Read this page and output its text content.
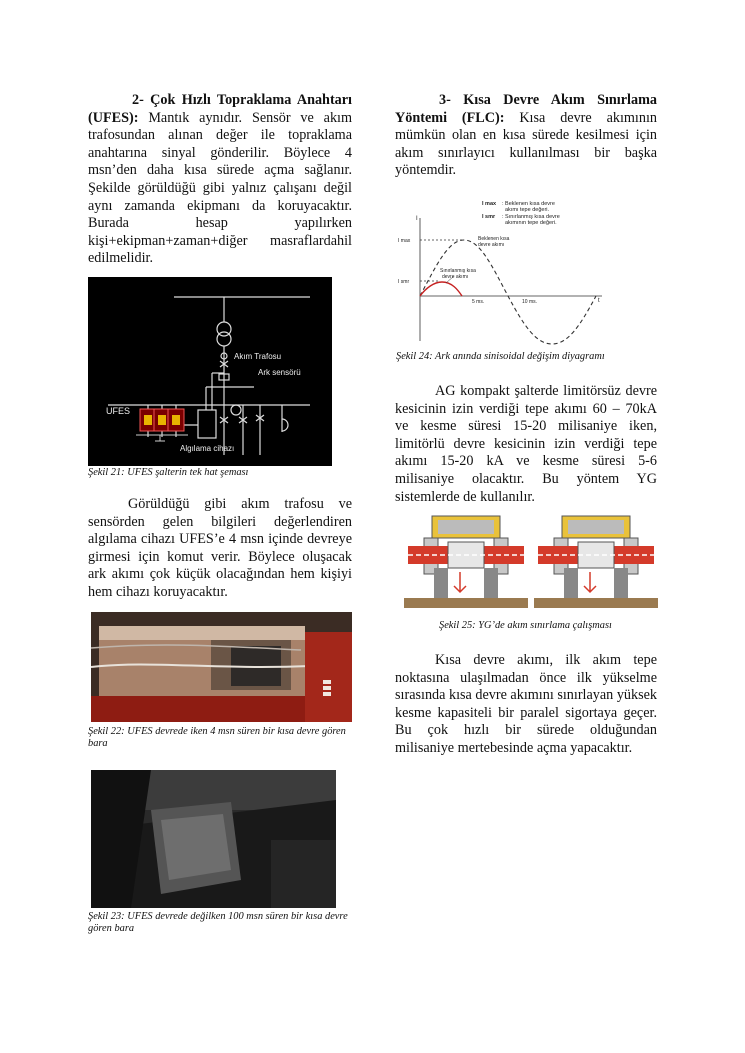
2- Çok Hızlı Topraklama Anahtarı (UFES): Mantık aynıdır. Sensör ve akım trafosundan alınan değer ile topraklama anahtarına sinyal gönderilir. Böylece 4 msn’den daha kısa sürede açma sağlanır. Şekilde görüldüğü gibi yalnız çalışanı değil aynı zamanda ekipmanı da koruyacaktır. Burada hesap yapılırken kişi+ekipman+zaman+diğer masraflardahil edilmelidir.

Akım Trafosu
Ark sensörü
UFES
Algılama cihazı
Şekil 21: UFES şalterin tek hat şeması

Görüldüğü gibi akım trafosu ve sensörden gelen bilgileri değerlendiren algılama cihazı UFES’e 4 msn içinde devreye girmesi için komut verir. Böylece oluşacak ark akımı çok küçük olacağından hem kişiyi hem cihazı koruyacaktır.

Şekil 22: UFES devrede iken 4 msn süren bir kısa devre gören bara
Şekil 23: UFES devrede değilken 100 msn süren bir kısa devre gören bara

3- Kısa Devre Akım Sınırlama Yöntemi (FLC): Kısa devre akımının mümkün olan en kısa sürede kesilmesi için akım sınırlayıcı kullanılması bir başka yöntemdir.

I max : Beklenen kısa devre
akımı tepe değeri.
I smr : Sınırlanmış kısa devre
akımının tepe değeri.
I
t
I max
I smr
Beklenen kısa
devre akımı
Sınırlanmış kısa
devre akımı
5 ms.	10 ms.
Şekil 24: Ark anında sinisoidal değişim diyagramı

AG kompakt şalterde limitörsüz devre kesicinin izin verdiği tepe akımı 60 – 70kA ve kesme süresi 15-20 milisaniye iken, limitörlü devre kesicinin izin verdiği tepe akımı 15-20 kA ve kesme süresi 5-6 milisaniye olacaktır. Bu yöntem YG sistemlerde de kullanılır.

Şekil 25: YG’de akım sınırlama çalışması

Kısa devre akımı, ilk akım tepe noktasına ulaşılmadan önce ilk yükselme sırasında kısa devre akımını sınırlayan yüksek kesme kapasiteli bir paralel sigortaya geçer. Bu çok hızlı bir sürede olduğundan milisaniye mertebesinde açma yapacaktır.
